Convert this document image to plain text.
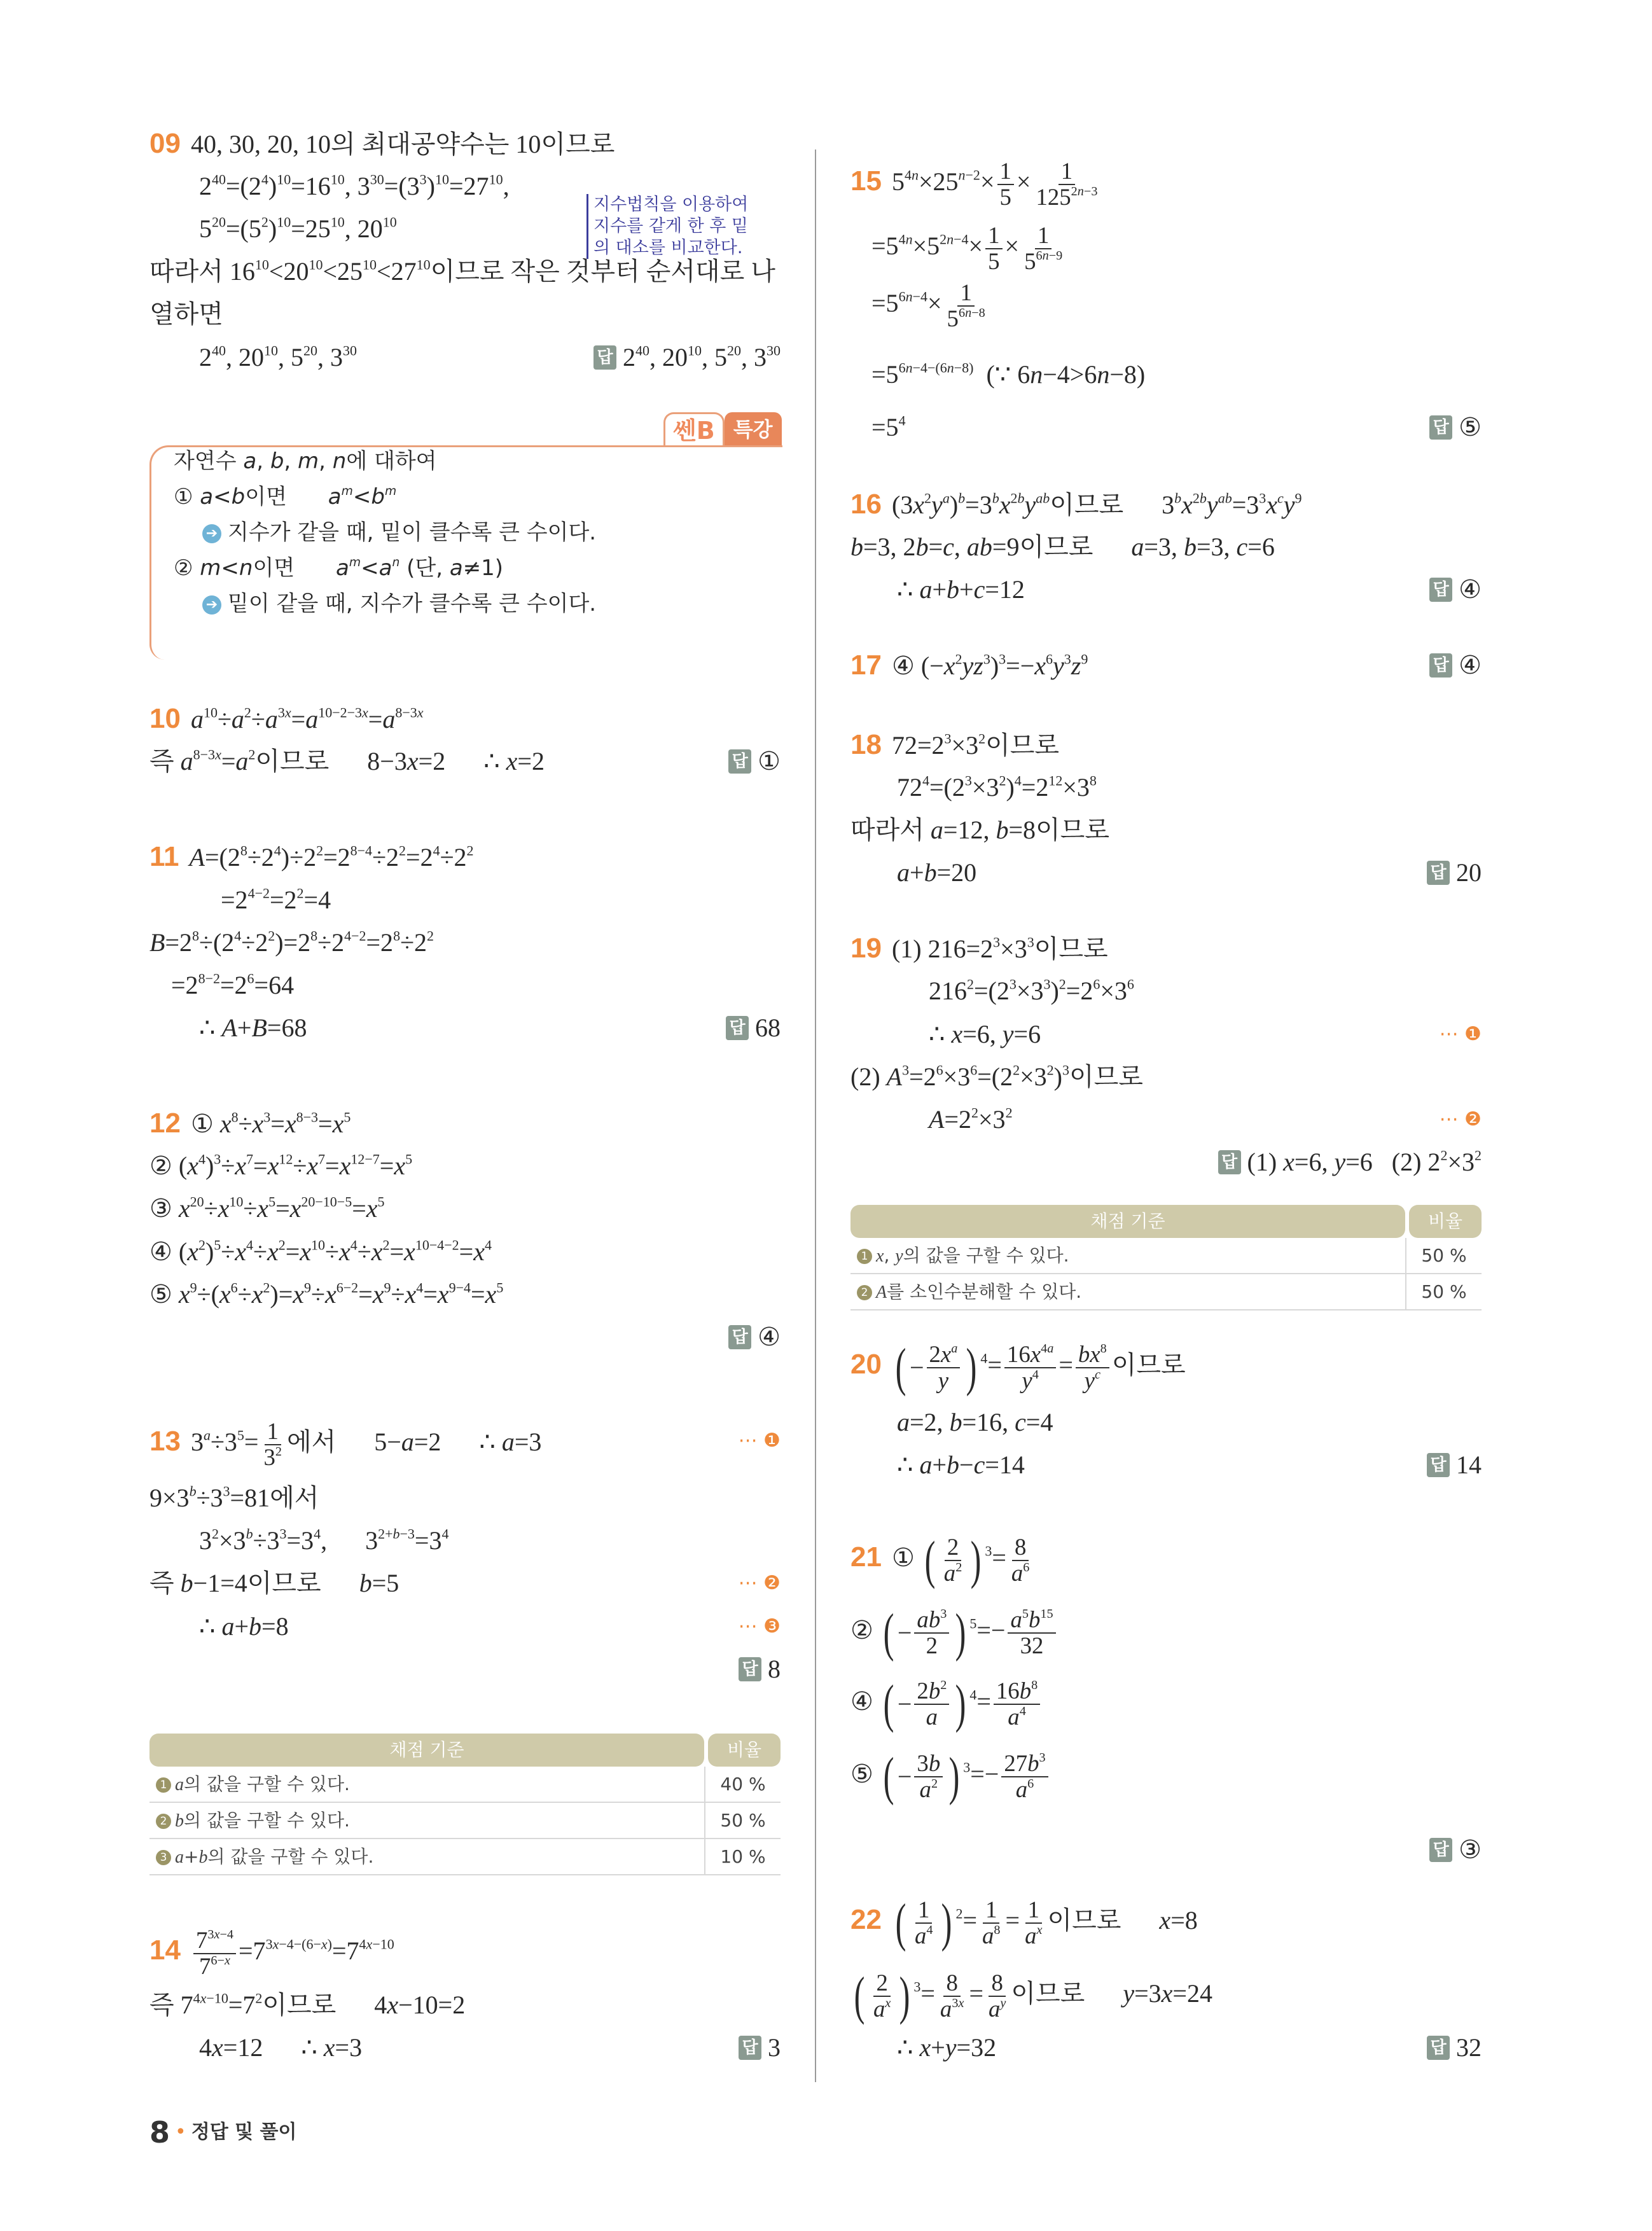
09 40, 30, 20, 10의 최대공약수는 10이므로
$2^{40}=(2^4)^{10}=16^{10}$, $3^{30}=(3^3)^{10}=27^{10}$,
$5^{20}=(5^2)^{10}=25^{10}$, $20^{10}$
지수법칙을 이용하여
지수를 같게 한 후 밑
의 대소를 비교한다.
따라서 $16^{10}<20^{10}<25^{10}<27^{10}$이므로 작은 것부터 순서대로 나
열하면
$2^{40}$, $20^{10}$, $5^{20}$, $3^{30}$	답 $2^{40}$, $20^{10}$, $5^{20}$, $3^{30}$
쎈B 특강
자연수 a, b, m, n에 대하여
① a<b이면      $a^m<b^m$
➔ 지수가 같을 때, 밑이 클수록 큰 수이다.
② m<n이면      $a^m<a^n$ (단, a≠1)
➔ 밑이 같을 때, 지수가 클수록 큰 수이다.
10 $a^{10}\div a^2\div a^{3x}=a^{10-2-3x}=a^{8-3x}$
즉 $a^{8-3x}=a^2$이므로      8−3x=2      ∴ x=2	답 ①
11 $A=(2^8\div 2^4)\div 2^2=2^{8-4}\div 2^2=2^4\div 2^2$
$=2^{4-2}=2^2=4$
$B=2^8\div(2^4\div 2^2)=2^8\div 2^{4-2}=2^8\div 2^2$
$=2^{8-2}=2^6=64$
∴ A+B=68	답 68
12 ① $x^8\div x^3=x^{8-3}=x^5$
② $(x^4)^3\div x^7=x^{12}\div x^7=x^{12-7}=x^5$
③ $x^{20}\div x^{10}\div x^5=x^{20-10-5}=x^5$
④ $(x^2)^5\div x^4\div x^2=x^{10}\div x^4\div x^2=x^{10-4-2}=x^4$
⑤ $x^9\div(x^6\div x^2)=x^9\div x^{6-2}=x^9\div x^4=x^{9-4}=x^5$
답 ④
13 $3^a\div 3^5= \frac{1}{3^2}$ 에서      5−a=2      ∴ a=3	⋯ ❶
$9\times 3^b\div 3^3=81$에서
$3^2\times 3^b\div 3^3=3^4$,      $3^{2+b-3}=3^4$
즉 b−1=4이므로      b=5	⋯ ❷
∴ a+b=8	⋯ ❸
답 8
채점 기준	비율
1 a의 값을 구할 수 있다.	40 %
2 b의 값을 구할 수 있다.	50 %
3 a+b의 값을 구할 수 있다.	10 %
$14 \frac{7^{3x-4}}{7^{6-x}} =7^{3x-4-(6-x)}=7^{4x-10}$
즉 $7^{4x-10}=7^2$이므로      4x−10=2
4x=12      ∴ x=3	답 3
15 $5^{4n}\times 25^{n-2}\times \frac{1}{5} \times \frac{1}{125^{2n-3}}$
$=5^{4n}\times 5^{2n-4}\times \frac{1}{5} \times \frac{1}{5^{6n-9}}$
$=5^{6n-4}\times \frac{1}{5^{6n-8}}$
$=5^{6n-4-(6n-8)}$  (∵ 6n−4>6n−8)
$=5^4$	답 ⑤
16 $(3x^2y^a)^b=3^bx^{2b}y^{ab}$이므로      $3^bx^{2b}y^{ab}=3^3x^cy^9$
b=3, 2b=c, ab=9이므로      a=3, b=3, c=6
∴ a+b+c=12	답 ④
17 ④ $(-x^2yz^3)^3=-x^6y^3z^9$	답 ④
18 $72=2^3\times 3^2$이므로
$72^4=(2^3\times 3^2)^4=2^{12}\times 3^8$
따라서 a=12, b=8이므로
a+b=20	답 20
19 (1) $216=2^3\times 3^3$이므로
$216^2=(2^3\times 3^3)^2=2^6\times 3^6$
∴ x=6, y=6	⋯ ❶
(2) $A^3=2^6\times 3^6=(2^2\times 3^2)^3$이므로
$A=2^2\times 3^2$	⋯ ❷
답 (1) x=6, y=6   (2) $2^2\times 3^2$
채점 기준	비율
1 x, y의 값을 구할 수 있다.	50 %
2 A를 소인수분해할 수 있다.	50 %
20 ( − $\frac{2x^a}{y}$ ) $^4= \frac{16x^{4a}}{y^4} = \frac{bx^8}{y^c}$ 이므로
a=2, b=16, c=4
∴ a+b−c=14	답 14
21 ① ( $\frac{2}{a^2}$ ) $^3= \frac{8}{a^6}$
② ( − $\frac{ab^3}{2}$ ) $^5=- \frac{a^5b^{15}}{32}$
④ ( − $\frac{2b^2}{a}$ ) $^4= \frac{16b^8}{a^4}$
⑤ ( − $\frac{3b}{a^2}$ ) $^3=- \frac{27b^3}{a^6}$
답 ③
22 ( $\frac{1}{a^4}$ ) $^2= \frac{1}{a^8} = \frac{1}{a^x}$ 이므로      x=8
( $\frac{2}{a^x}$ ) $^3= \frac{8}{a^{3x}} = \frac{8}{a^y}$ 이므로      y=3x=24
∴ x+y=32	답 32
8 • 정답 및 풀이
